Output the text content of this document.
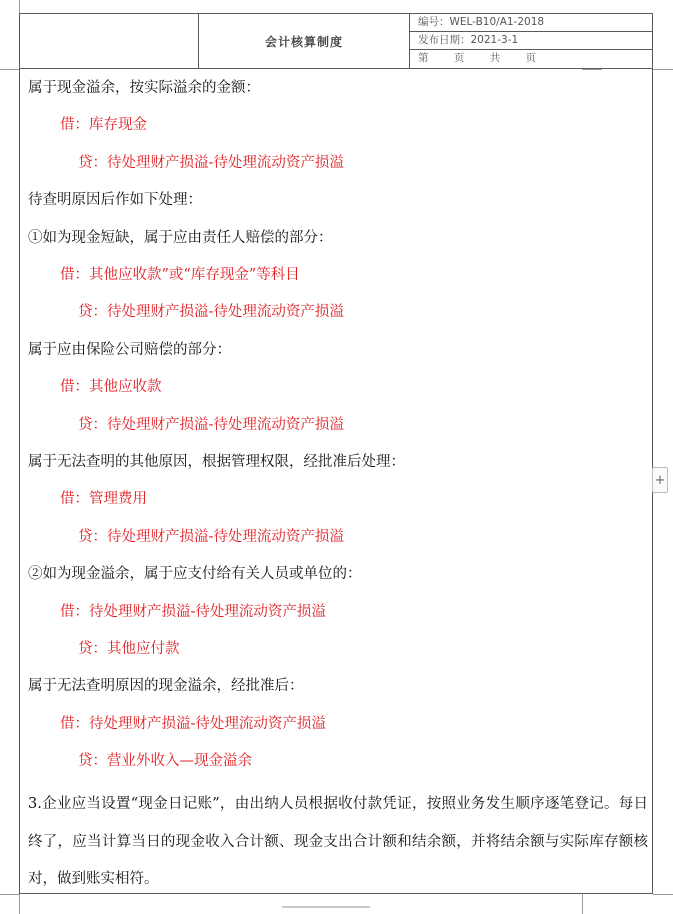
会计核算制度
编号：WEL-B10/A1-2018
发布日期：2021-3-1
第 页 共 页
属于现金溢余，按实际溢余的金额：
借：库存现金
贷：待处理财产损溢-待处理流动资产损溢
待查明原因后作如下处理：
①如为现金短缺，属于应由责任人赔偿的部分：
借：其他应收款”或“库存现金”等科目
贷：待处理财产损溢-待处理流动资产损溢
属于应由保险公司赔偿的部分：
借：其他应收款
贷：待处理财产损溢-待处理流动资产损溢
属于无法查明的其他原因，根据管理权限，经批准后处理：
借：管理费用
贷：待处理财产损溢-待处理流动资产损溢
②如为现金溢余，属于应支付给有关人员或单位的：
借：待处理财产损溢-待处理流动资产损溢
贷：其他应付款
属于无法查明原因的现金溢余，经批准后：
借：待处理财产损溢-待处理流动资产损溢
贷：营业外收入—现金溢余
3.企业应当设置“现金日记账”，由出纳人员根据收付款凭证，按照业务发生顺序逐笔登记。每日终了，应当计算当日的现金收入合计额、现金支出合计额和结余额，并将结余额与实际库存额核对，做到账实相符。
+
